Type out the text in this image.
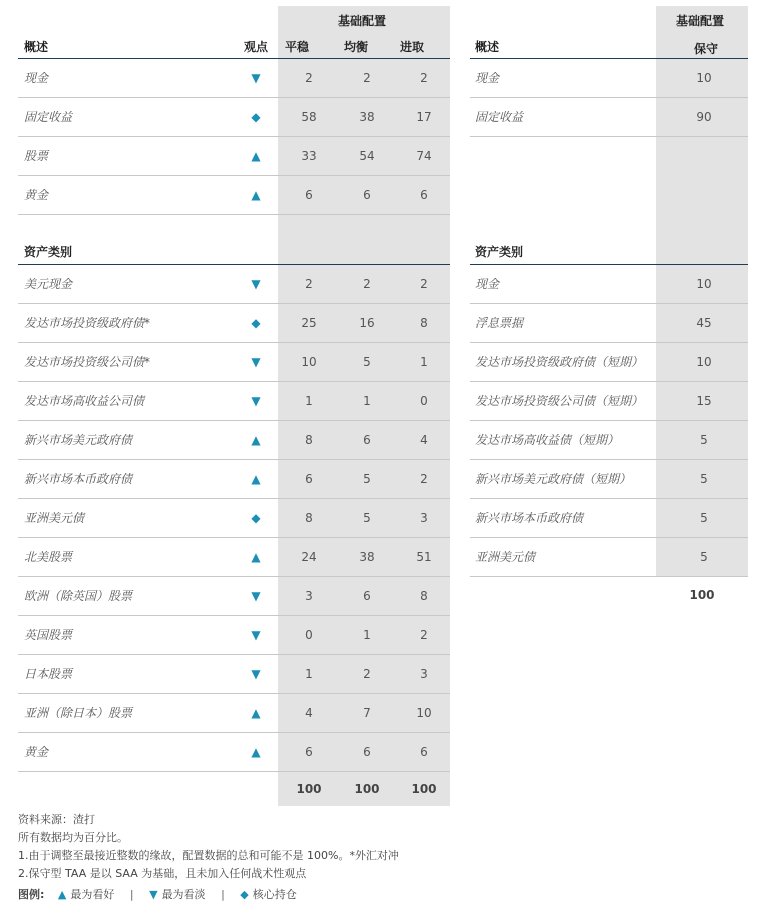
基础配置
概述	观点 平稳	均衡	进取
基础配置
概述	保守
现金	▼	2	2	2
固定收益	◆	58	38	17
股票	▲	33	54	74
黄金	▲	6	6	6
资产类别
美元现金	▼	2	2	2
发达市场投资级政府债*	◆	25	16	8
发达市场投资级公司债*	▼	10	5	1
发达市场高收益公司债	▼	1	1	0
新兴市场美元政府债	▲	8	6	4
新兴市场本币政府债	▲	6	5	2
亚洲美元债	◆	8	5	3
北美股票	▲	24	38	51
欧洲（除英国）股票	▼	3	6	8
英国股票	▼	0	1	2
日本股票	▼	1	2	3
亚洲（除日本）股票	▲	4	7	10
黄金	▲	6	6	6
现金	10
固定收益	90
资产类别
现金	10
浮息票据	45
发达市场投资级政府债（短期）	10
发达市场投资级公司债（短期）	15
发达市场高收益债（短期）	5
新兴市场美元政府债（短期）	5
新兴市场本币政府债	5
亚洲美元债	5
100	100	100
100
资料来源：渣打
所有数据均为百分比。
1.由于调整至最接近整数的缘故，配置数据的总和可能不是 100%。*外汇对冲
2.保守型 TAA 是以 SAA 为基础，且未加入任何战术性观点
图例: ▲ 最为看好 | ▼ 最为看淡 | ◆ 核心持仓
